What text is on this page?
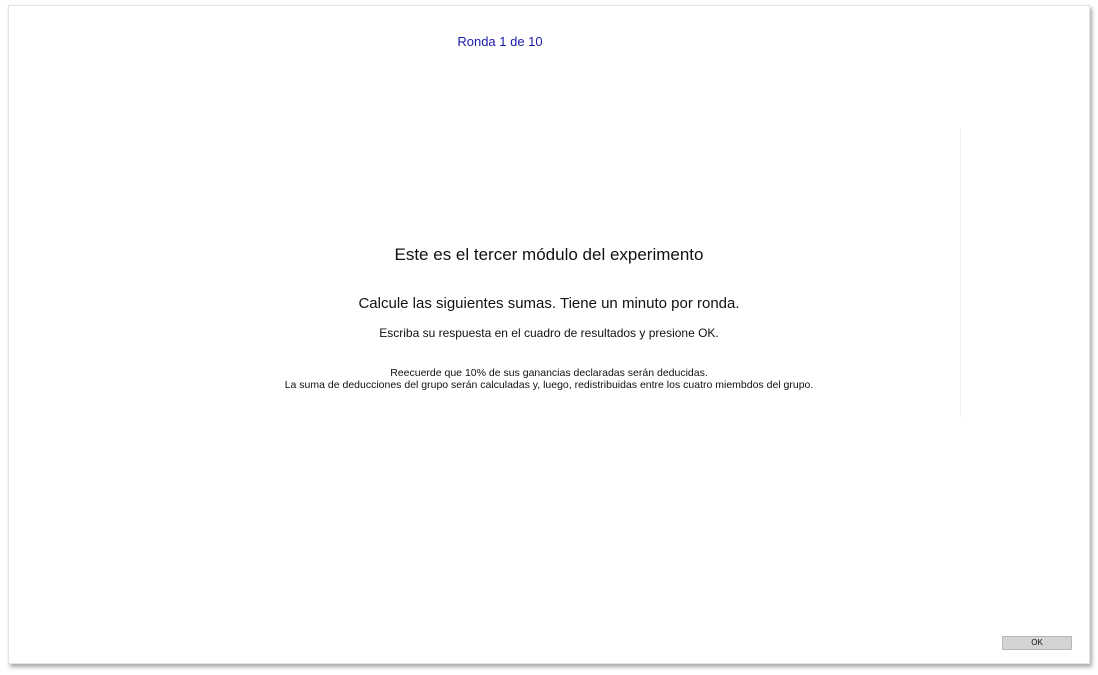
Ronda 1 de 10
Este es el tercer módulo del experimento
Calcule las siguientes sumas. Tiene un minuto por ronda.
Escriba su respuesta en el cuadro de resultados y presione OK.
Reecuerde que 10% de sus ganancias declaradas serán deducidas.
La suma de deducciones del grupo serán calculadas y, luego, redistribuidas entre los cuatro miembdos del grupo.
OK
